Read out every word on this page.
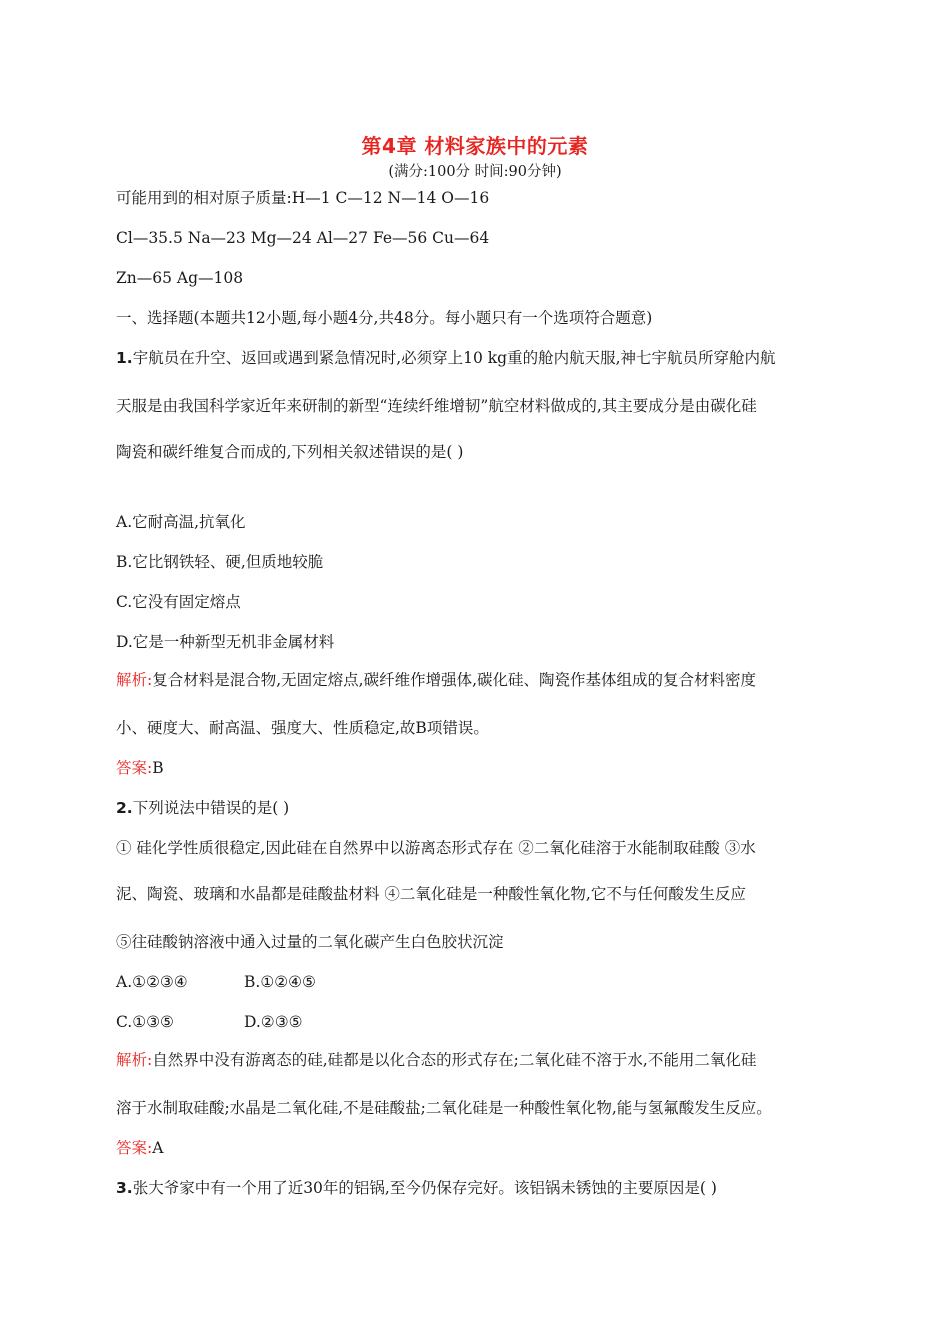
第4章 材料家族中的元素
(满分:100分 时间:90分钟)
可能用到的相对原子质量:H—1 C—12 N—14 O—16
Cl—35.5 Na—23 Mg—24 Al—27 Fe—56 Cu—64
Zn—65 Ag—108
一、选择题(本题共12小题,每小题4分,共48分。每小题只有一个选项符合题意)
1.宇航员在升空、返回或遇到紧急情况时,必须穿上10 kg重的舱内航天服,神七宇航员所穿舱内航
天服是由我国科学家近年来研制的新型“连续纤维增韧”航空材料做成的,其主要成分是由碳化硅
陶瓷和碳纤维复合而成的,下列相关叙述错误的是( )
A.它耐高温,抗氧化
B.它比钢铁轻、硬,但质地较脆
C.它没有固定熔点
D.它是一种新型无机非金属材料
解析:复合材料是混合物,无固定熔点,碳纤维作增强体,碳化硅、陶瓷作基体组成的复合材料密度
小、硬度大、耐高温、强度大、性质稳定,故B项错误。
答案:B
2.下列说法中错误的是( )
① 硅化学性质很稳定,因此硅在自然界中以游离态形式存在 ②二氧化硅溶于水能制取硅酸 ③水
泥、陶瓷、玻璃和水晶都是硅酸盐材料 ④二氧化硅是一种酸性氧化物,它不与任何酸发生反应
⑤往硅酸钠溶液中通入过量的二氧化碳产生白色胶状沉淀
A.①②③④	B.①②④⑤
C.①③⑤	D.②③⑤
解析:自然界中没有游离态的硅,硅都是以化合态的形式存在;二氧化硅不溶于水,不能用二氧化硅
溶于水制取硅酸;水晶是二氧化硅,不是硅酸盐;二氧化硅是一种酸性氧化物,能与氢氟酸发生反应。
答案:A
3.张大爷家中有一个用了近30年的铝锅,至今仍保存完好。该铝锅未锈蚀的主要原因是( )
